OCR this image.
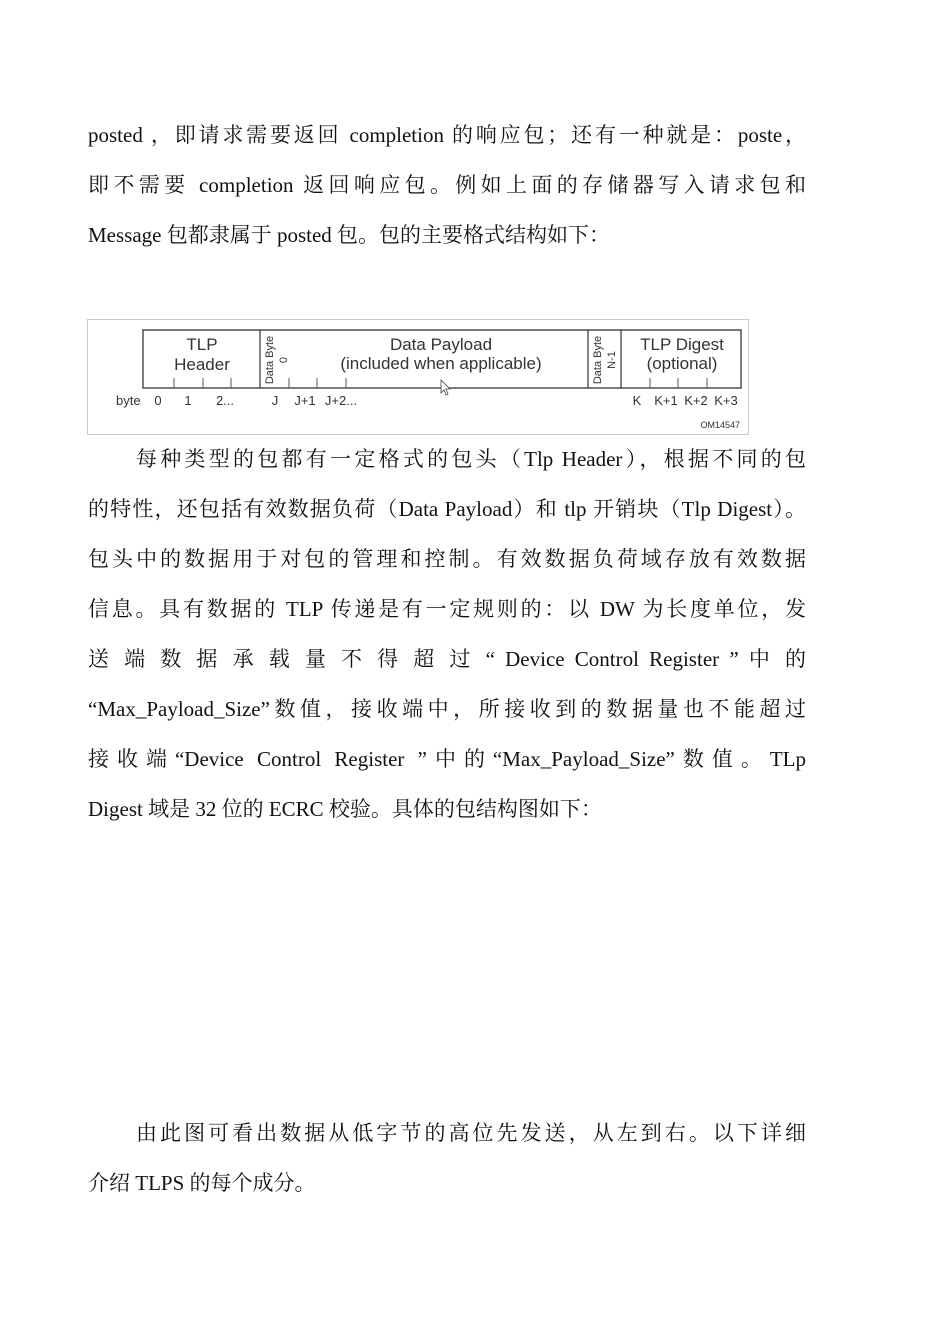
posted ，即请求需要返回 completion 的响应包；还有一种就是：poste，
即不需要 completion 返回响应包。例如上面的存储器写入请求包和
Message 包都隶属于 posted 包。包的主要格式结构如下：
TLP
Header	Data Byte 0
Data Payload
(included when applicable)	Data Byte N-1
TLP Digest
(optional)
byte 0 1 2...	J J+1 J+2...	K K+1 K+2 K+3
OM14547
每种类型的包都有一定格式的包头（Tlp Header），根据不同的包
的特性，还包括有效数据负荷（Data Payload）和 tlp 开销块（Tlp Digest）。
包头中的数据用于对包的管理和控制。有效数据负荷域存放有效数据
信息。具有数据的 TLP 传递是有一定规则的：以 DW 为长度单位，发
送 端 数 据 承 载 量 不 得 超 过 “ Device Control Register ” 中 的
“Max_Payload_Size”数值，接收端中，所接收到的数据量也不能超过
接收端“Device Control Register ”中的“Max_Payload_Size”数值。TLp
Digest 域是 32 位的 ECRC 校验。具体的包结构图如下：
由此图可看出数据从低字节的高位先发送，从左到右。以下详细
介绍 TLPS 的每个成分。
